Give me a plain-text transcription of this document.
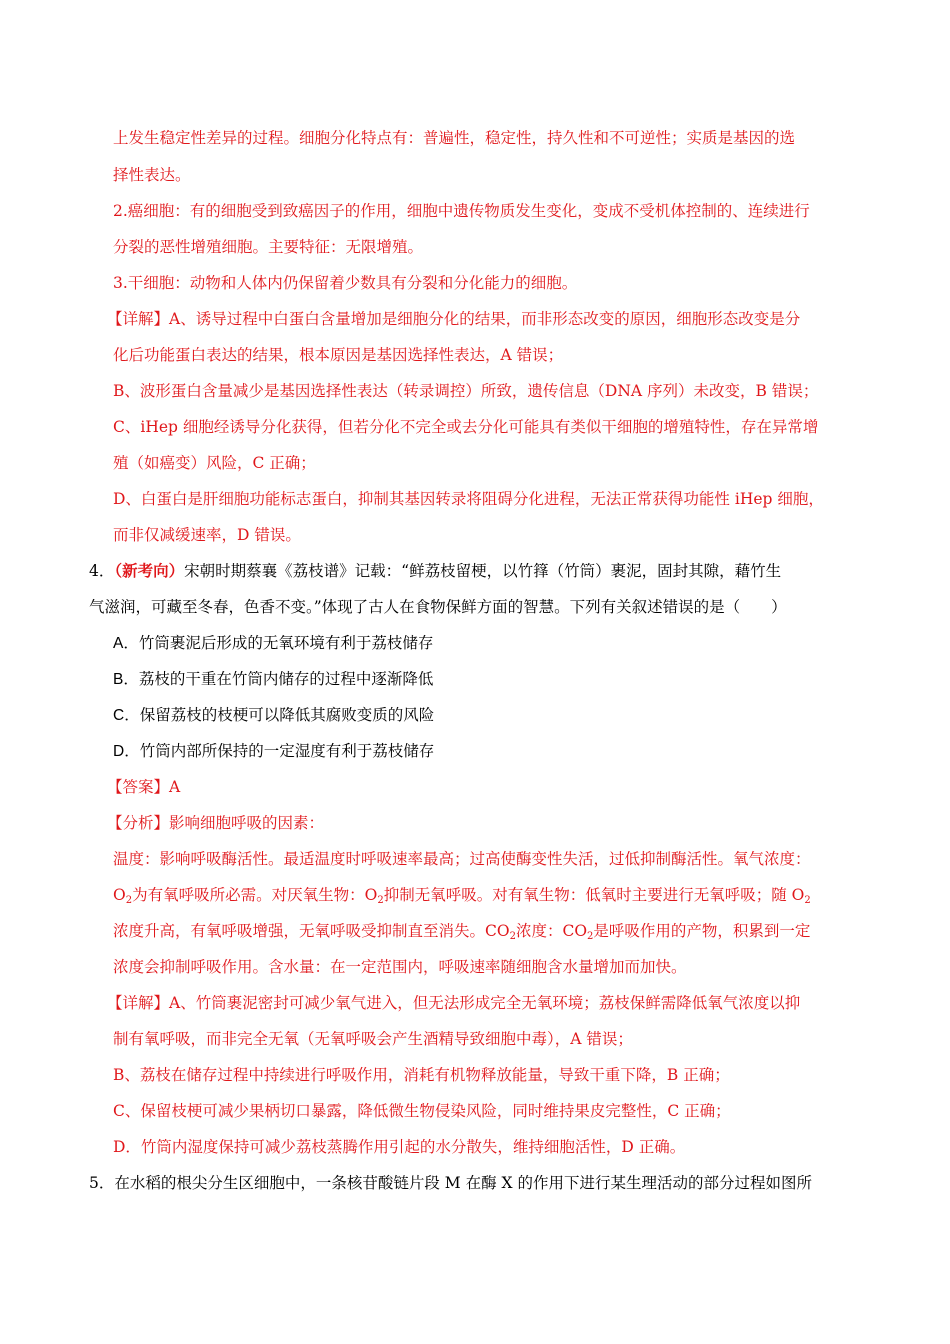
上发生稳定性差异的过程。细胞分化特点有：普遍性，稳定性，持久性和不可逆性；实质是基因的选
择性表达。
2.癌细胞：有的细胞受到致癌因子的作用，细胞中遗传物质发生变化，变成不受机体控制的、连续进行
分裂的恶性增殖细胞。主要特征：无限增殖。
3.干细胞：动物和人体内仍保留着少数具有分裂和分化能力的细胞。
【详解】A、诱导过程中白蛋白含量增加是细胞分化的结果，而非形态改变的原因，细胞形态改变是分
化后功能蛋白表达的结果，根本原因是基因选择性表达，A 错误；
B、波形蛋白含量减少是基因选择性表达（转录调控）所致，遗传信息（DNA 序列）未改变，B 错误；
C、iHep 细胞经诱导分化获得，但若分化不完全或去分化可能具有类似干细胞的增殖特性，存在异常增
殖（如癌变）风险，C 正确；
D、白蛋白是肝细胞功能标志蛋白，抑制其基因转录将阻碍分化进程，无法正常获得功能性 iHep 细胞，
而非仅减缓速率，D 错误。
4．（新考向）宋朝时期蔡襄《荔枝谱》记载：“鲜荔枝留梗，以竹箨（竹筒）裹泥，固封其隙，藉竹生
气滋润，可藏至冬春，色香不变。”体现了古人在食物保鲜方面的智慧。下列有关叙述错误的是（　　）
A．竹筒裹泥后形成的无氧环境有利于荔枝储存
B．荔枝的干重在竹筒内储存的过程中逐渐降低
C．保留荔枝的枝梗可以降低其腐败变质的风险
D．竹筒内部所保持的一定湿度有利于荔枝储存
【答案】A
【分析】影响细胞呼吸的因素：
温度：影响呼吸酶活性。最适温度时呼吸速率最高；过高使酶变性失活，过低抑制酶活性。氧气浓度：
$O_2$为有氧呼吸所必需。对厌氧生物：$O_2$抑制无氧呼吸。对有氧生物：低氧时主要进行无氧呼吸；随 $O_2$
浓度升高，有氧呼吸增强，无氧呼吸受抑制直至消失。$CO_2$浓度：$CO_2$是呼吸作用的产物，积累到一定
浓度会抑制呼吸作用。含水量：在一定范围内，呼吸速率随细胞含水量增加而加快。
【详解】A、竹筒裹泥密封可减少氧气进入，但无法形成完全无氧环境；荔枝保鲜需降低氧气浓度以抑
制有氧呼吸，而非完全无氧（无氧呼吸会产生酒精导致细胞中毒），A 错误；
B、荔枝在储存过程中持续进行呼吸作用，消耗有机物释放能量，导致干重下降，B 正确；
C、保留枝梗可减少果柄切口暴露，降低微生物侵染风险，同时维持果皮完整性，C 正确；
D．竹筒内湿度保持可减少荔枝蒸腾作用引起的水分散失，维持细胞活性，D 正确。
5．在水稻的根尖分生区细胞中，一条核苷酸链片段 M 在酶 X 的作用下进行某生理活动的部分过程如图所
